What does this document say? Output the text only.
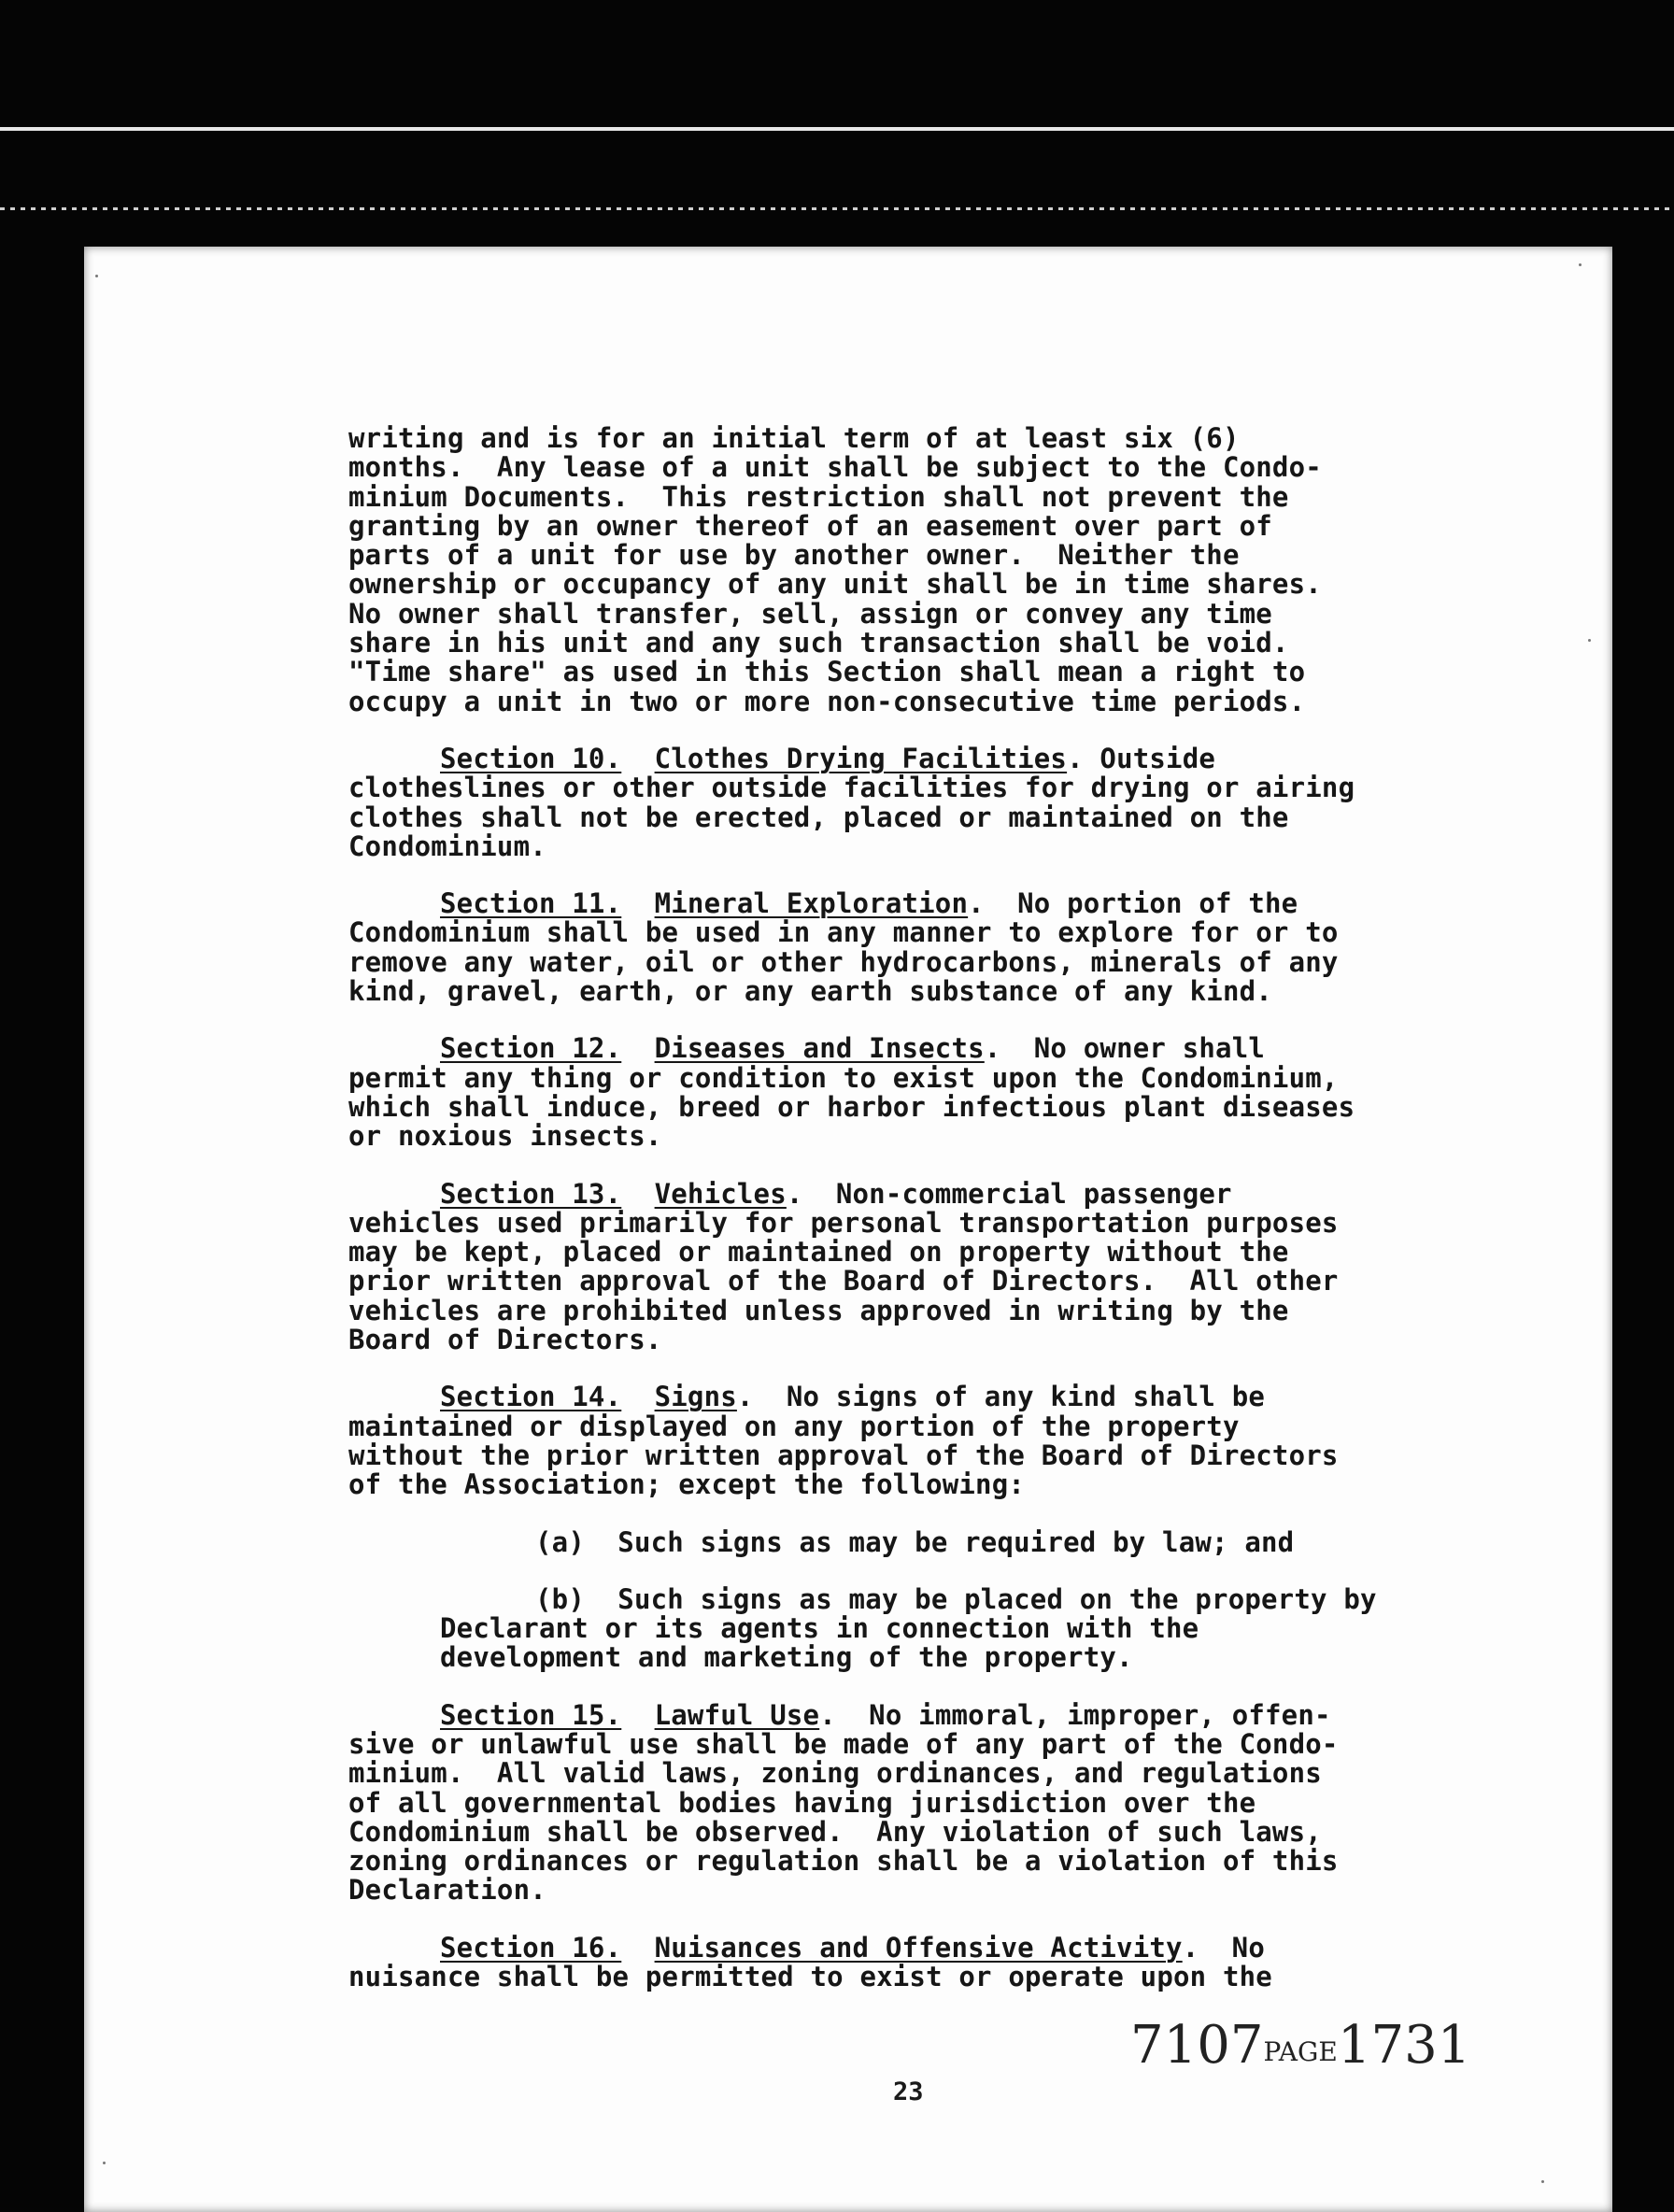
writing and is for an initial term of at least six (6)
months.  Any lease of a unit shall be subject to the Condo-
minium Documents.  This restriction shall not prevent the
granting by an owner thereof of an easement over part of
parts of a unit for use by another owner.  Neither the
ownership or occupancy of any unit shall be in time shares.
No owner shall transfer, sell, assign or convey any time
share in his unit and any such transaction shall be void.
"Time share" as used in this Section shall mean a right to
occupy a unit in two or more non-consecutive time periods.
Section 10. Clothes Drying Facilities. Outside
clotheslines or other outside facilities for drying or airing
clothes shall not be erected, placed or maintained on the
Condominium.
Section 11. Mineral Exploration.  No portion of the
Condominium shall be used in any manner to explore for or to
remove any water, oil or other hydrocarbons, minerals of any
kind, gravel, earth, or any earth substance of any kind.
Section 12. Diseases and Insects.  No owner shall
permit any thing or condition to exist upon the Condominium,
which shall induce, breed or harbor infectious plant diseases
or noxious insects.
Section 13. Vehicles.  Non-commercial passenger
vehicles used primarily for personal transportation purposes
may be kept, placed or maintained on property without the
prior written approval of the Board of Directors.  All other
vehicles are prohibited unless approved in writing by the
Board of Directors.
Section 14. Signs.  No signs of any kind shall be
maintained or displayed on any portion of the property
without the prior written approval of the Board of Directors
of the Association; except the following:
(a)  Such signs as may be required by law; and
(b)  Such signs as may be placed on the property by
Declarant or its agents in connection with the
development and marketing of the property.
Section 15. Lawful Use.  No immoral, improper, offen-
sive or unlawful use shall be made of any part of the Condo-
minium.  All valid laws, zoning ordinances, and regulations
of all governmental bodies having jurisdiction over the
Condominium shall be observed.  Any violation of such laws,
zoning ordinances or regulation shall be a violation of this
Declaration.
Section 16. Nuisances and Offensive Activity.  No
nuisance shall be permitted to exist or operate upon the
23
7107PAGE1731
